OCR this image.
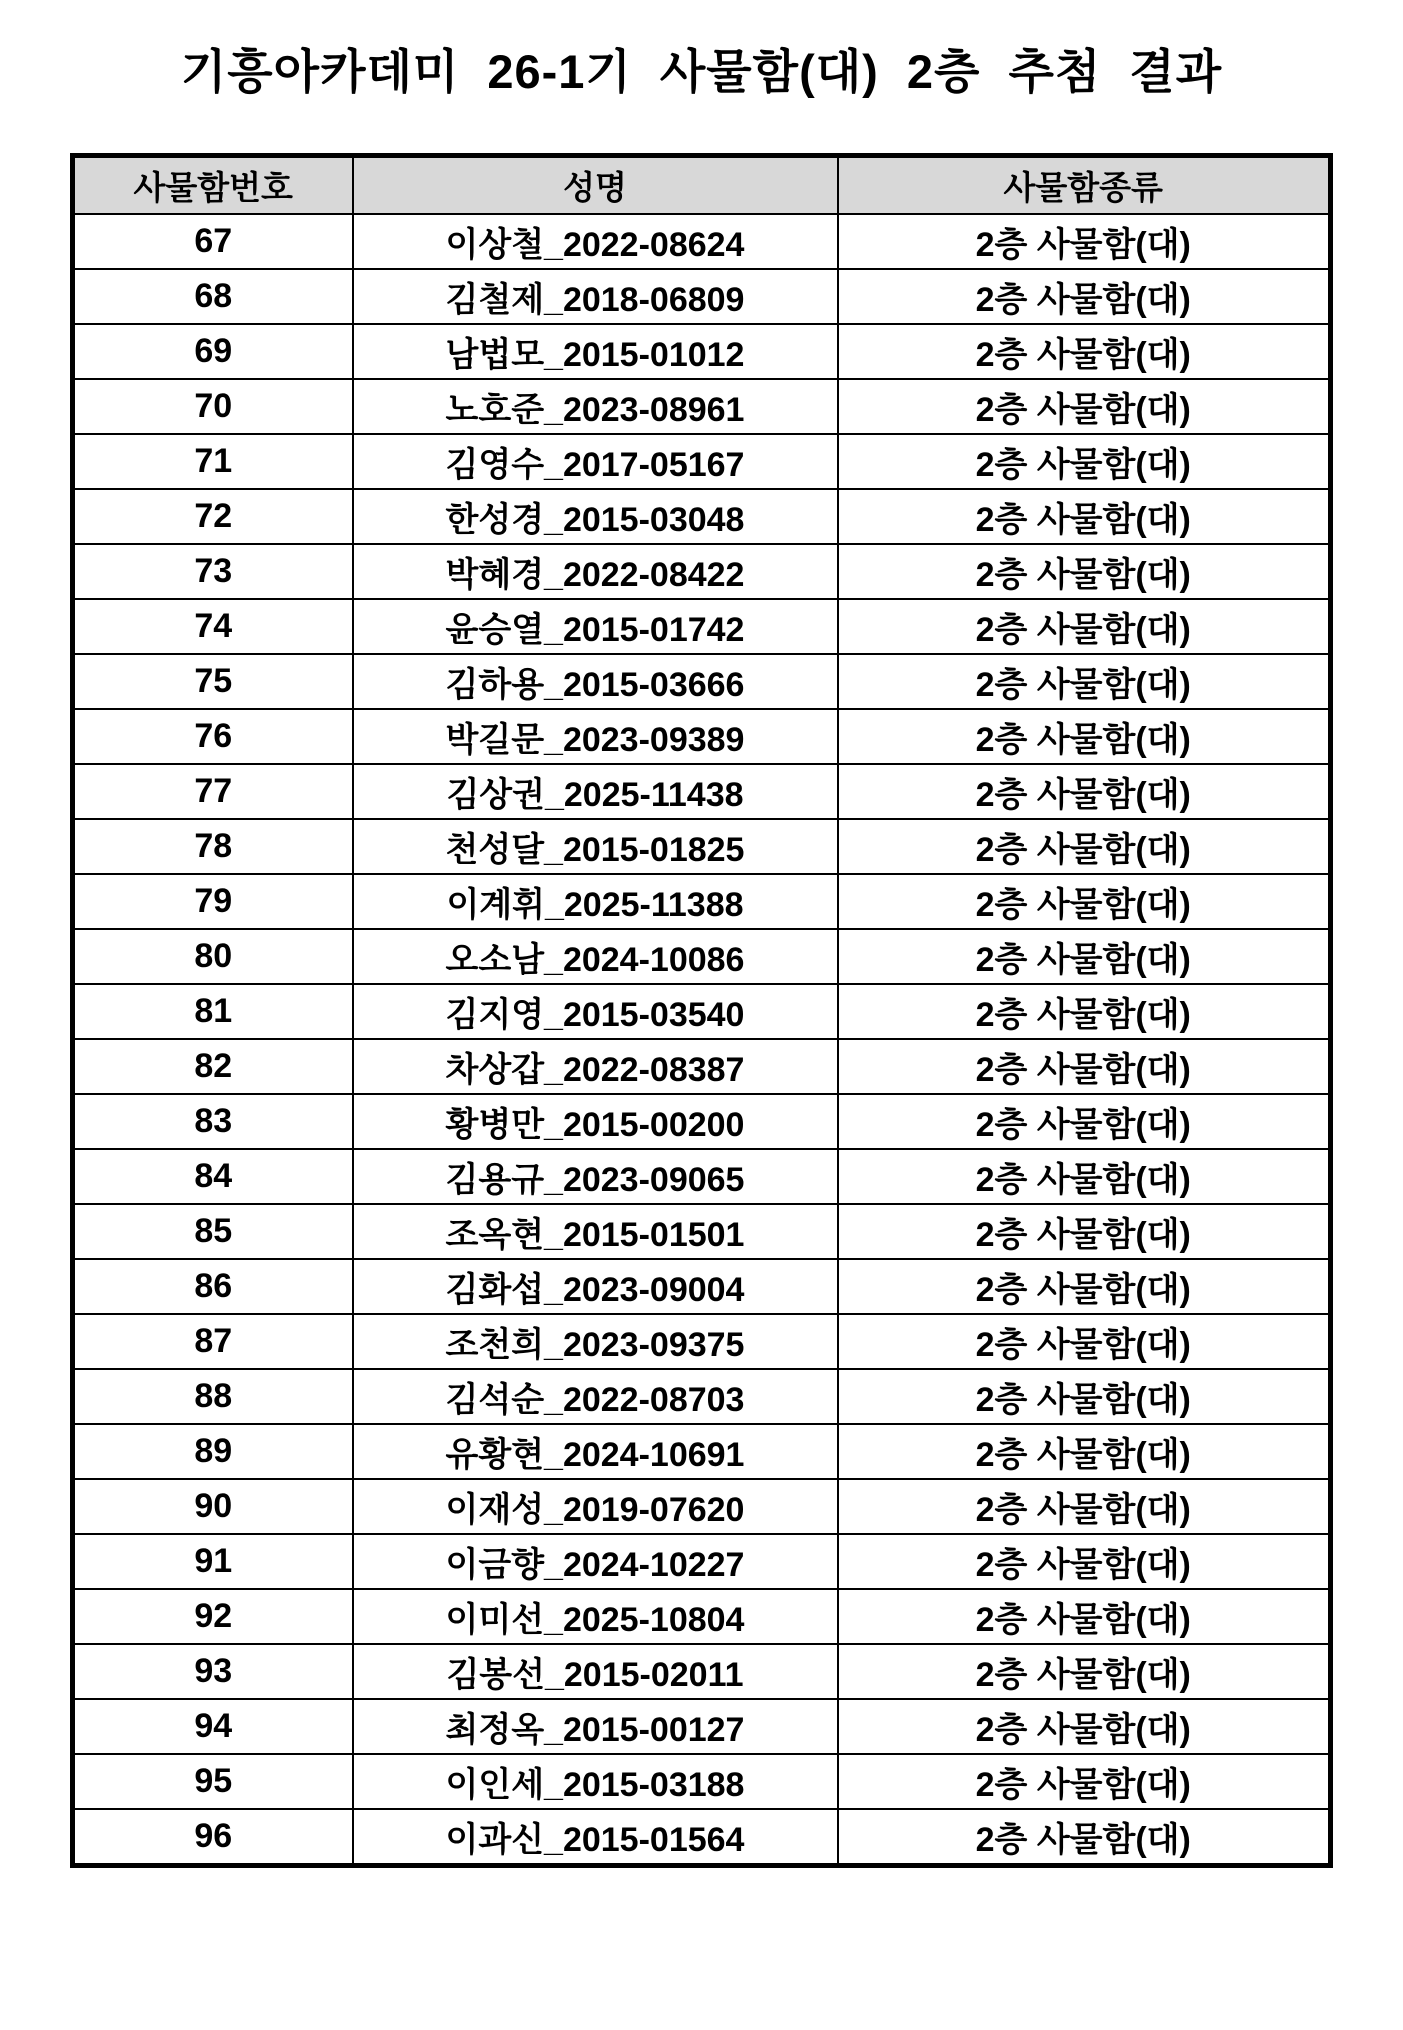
기흥아카데미 26-1기 사물함(대) 2층 추첨 결과
사물함번호	성명	사물함종류
67	이상철_2022-08624	2층 사물함(대)
68	김철제_2018-06809	2층 사물함(대)
69	남법모_2015-01012	2층 사물함(대)
70	노호준_2023-08961	2층 사물함(대)
71	김영수_2017-05167	2층 사물함(대)
72	한성경_2015-03048	2층 사물함(대)
73	박혜경_2022-08422	2층 사물함(대)
74	윤승열_2015-01742	2층 사물함(대)
75	김하용_2015-03666	2층 사물함(대)
76	박길문_2023-09389	2층 사물함(대)
77	김상권_2025-11438	2층 사물함(대)
78	천성달_2015-01825	2층 사물함(대)
79	이계휘_2025-11388	2층 사물함(대)
80	오소남_2024-10086	2층 사물함(대)
81	김지영_2015-03540	2층 사물함(대)
82	차상갑_2022-08387	2층 사물함(대)
83	황병만_2015-00200	2층 사물함(대)
84	김용규_2023-09065	2층 사물함(대)
85	조옥현_2015-01501	2층 사물함(대)
86	김화섭_2023-09004	2층 사물함(대)
87	조천희_2023-09375	2층 사물함(대)
88	김석순_2022-08703	2층 사물함(대)
89	유황현_2024-10691	2층 사물함(대)
90	이재성_2019-07620	2층 사물함(대)
91	이금향_2024-10227	2층 사물함(대)
92	이미선_2025-10804	2층 사물함(대)
93	김봉선_2015-02011	2층 사물함(대)
94	최정옥_2015-00127	2층 사물함(대)
95	이인세_2015-03188	2층 사물함(대)
96	이과신_2015-01564	2층 사물함(대)
